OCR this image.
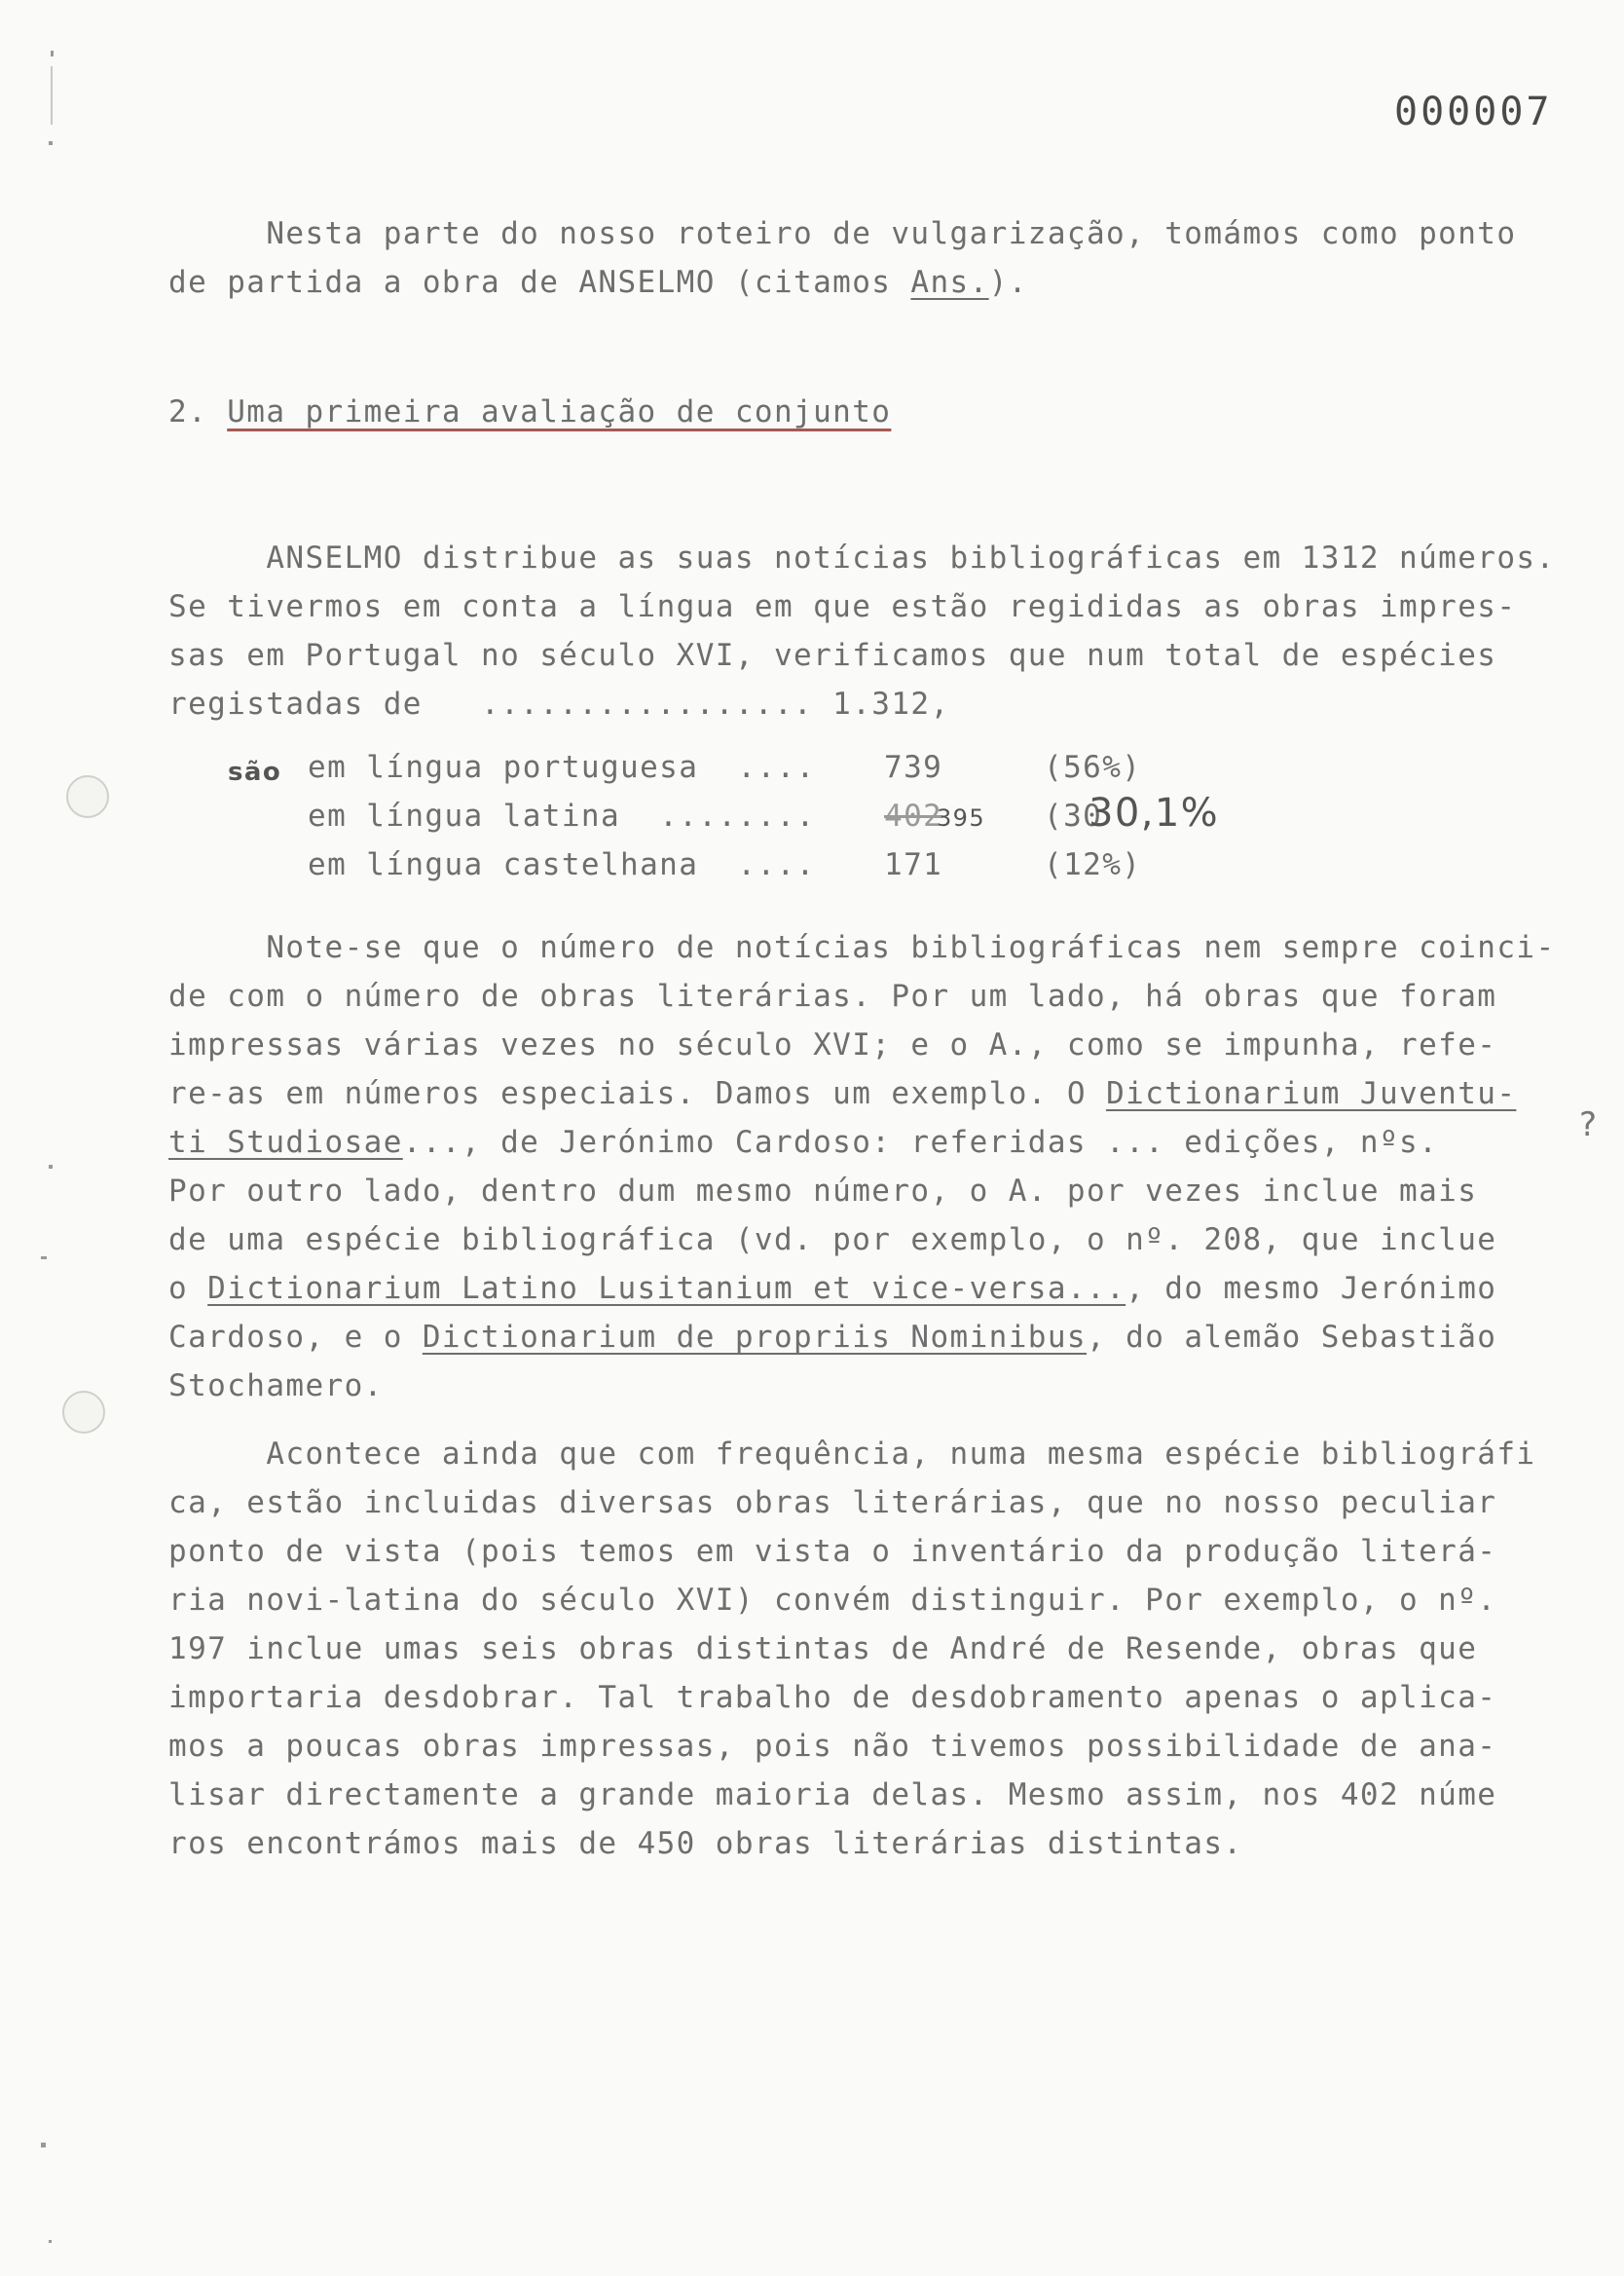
000007
Nesta parte do nosso roteiro de vulgarização, tomámos como ponto
de partida a obra de ANSELMO (citamos Ans.).
2. Uma primeira avaliação de conjunto
ANSELMO distribue as suas notícias bibliográficas em 1312 números.
Se tivermos em conta a língua em que estão regididas as obras impres-
sas em Portugal no século XVI, verificamos que num total de espécies
registadas de   ................. 1.312,

são

em língua portuguesa  ....

739

	(56%)

em língua latina  ........

402

395

(30

30,1%

em língua castelhana  ....

171

	(12%)

Note-se que o número de notícias bibliográficas nem sempre coinci-
de com o número de obras literárias. Por um lado, há obras que foram
impressas várias vezes no século XVI; e o A., como se impunha, refe-
re-as em números especiais. Damos um exemplo. O Dictionarium Juventu-
ti Studiosae..., de Jerónimo Cardoso: referidas ... edições, nºs.
Por outro lado, dentro dum mesmo número, o A. por vezes inclue mais
de uma espécie bibliográfica (vd. por exemplo, o nº. 208, que inclue
o Dictionarium Latino Lusitanium et vice-versa..., do mesmo Jerónimo
Cardoso, e o Dictionarium de propriis Nominibus, do alemão Sebastião
Stochamero.
?
Acontece ainda que com frequência, numa mesma espécie bibliográfi
ca, estão incluidas diversas obras literárias, que no nosso peculiar
ponto de vista (pois temos em vista o inventário da produção literá-
ria novi-latina do século XVI) convém distinguir. Por exemplo, o nº.
197 inclue umas seis obras distintas de André de Resende, obras que
importaria desdobrar. Tal trabalho de desdobramento apenas o aplica-
mos a poucas obras impressas, pois não tivemos possibilidade de ana-
lisar directamente a grande maioria delas. Mesmo assim, nos 402 núme
ros encontrámos mais de 450 obras literárias distintas.
